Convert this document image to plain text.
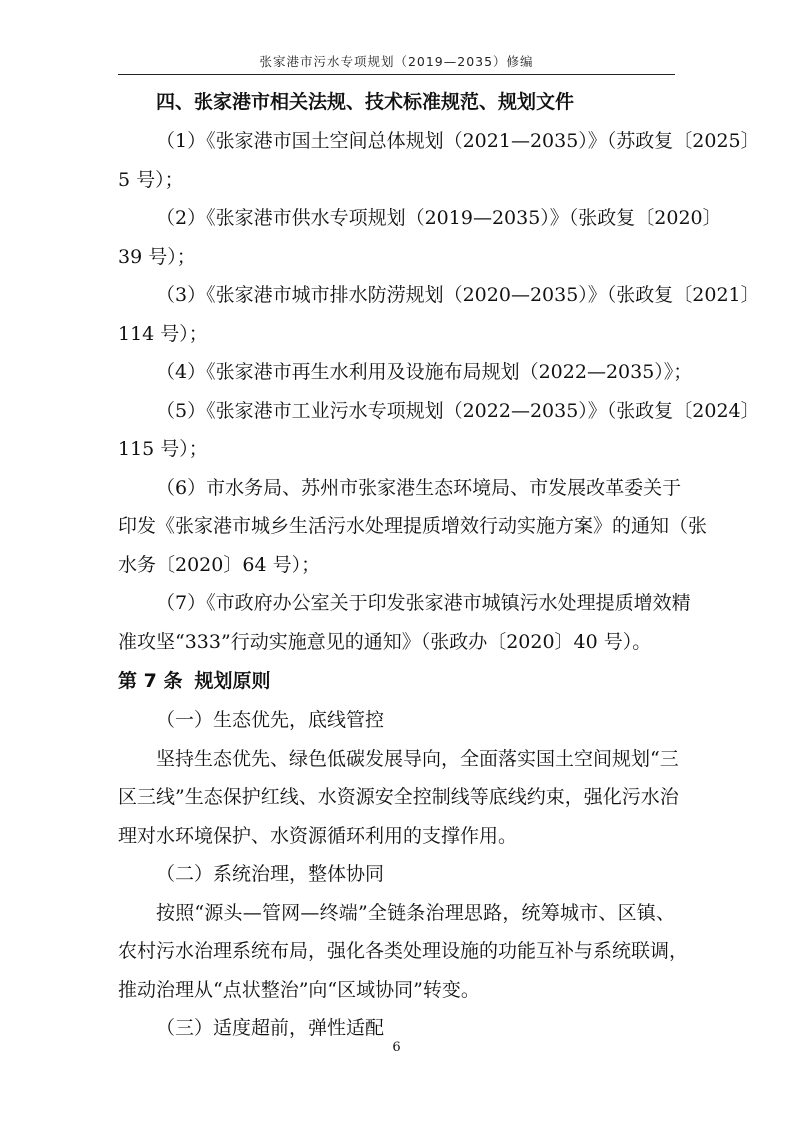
张家港市污水专项规划（2019—2035）修编
四、张家港市相关法规、技术标准规范、规划文件
（1）《张家港市国土空间总体规划（2021—2035）》（苏政复〔2025〕
5 号）；
（2）《张家港市供水专项规划（2019—2035）》（张政复〔2020〕
39 号）；
（3）《张家港市城市排水防涝规划（2020—2035）》（张政复〔2021〕
114 号）；
（4）《张家港市再生水利用及设施布局规划（2022—2035）》；
（5）《张家港市工业污水专项规划（2022—2035）》（张政复〔2024〕
115 号）；
（6）市水务局、苏州市张家港生态环境局、市发展改革委关于
印发《张家港市城乡生活污水处理提质增效行动实施方案》的通知（张
水务〔2020〕64 号）；
（7）《市政府办公室关于印发张家港市城镇污水处理提质增效精
准攻坚“333”行动实施意见的通知》（张政办〔2020〕40 号）。
第 7 条 规划原则
（一）生态优先，底线管控
坚持生态优先、绿色低碳发展导向，全面落实国土空间规划“三
区三线”生态保护红线、水资源安全控制线等底线约束，强化污水治
理对水环境保护、水资源循环利用的支撑作用。
（二）系统治理，整体协同
按照“源头—管网—终端”全链条治理思路，统筹城市、区镇、
农村污水治理系统布局，强化各类处理设施的功能互补与系统联调，
推动治理从“点状整治”向“区域协同”转变。
（三）适度超前，弹性适配
6
